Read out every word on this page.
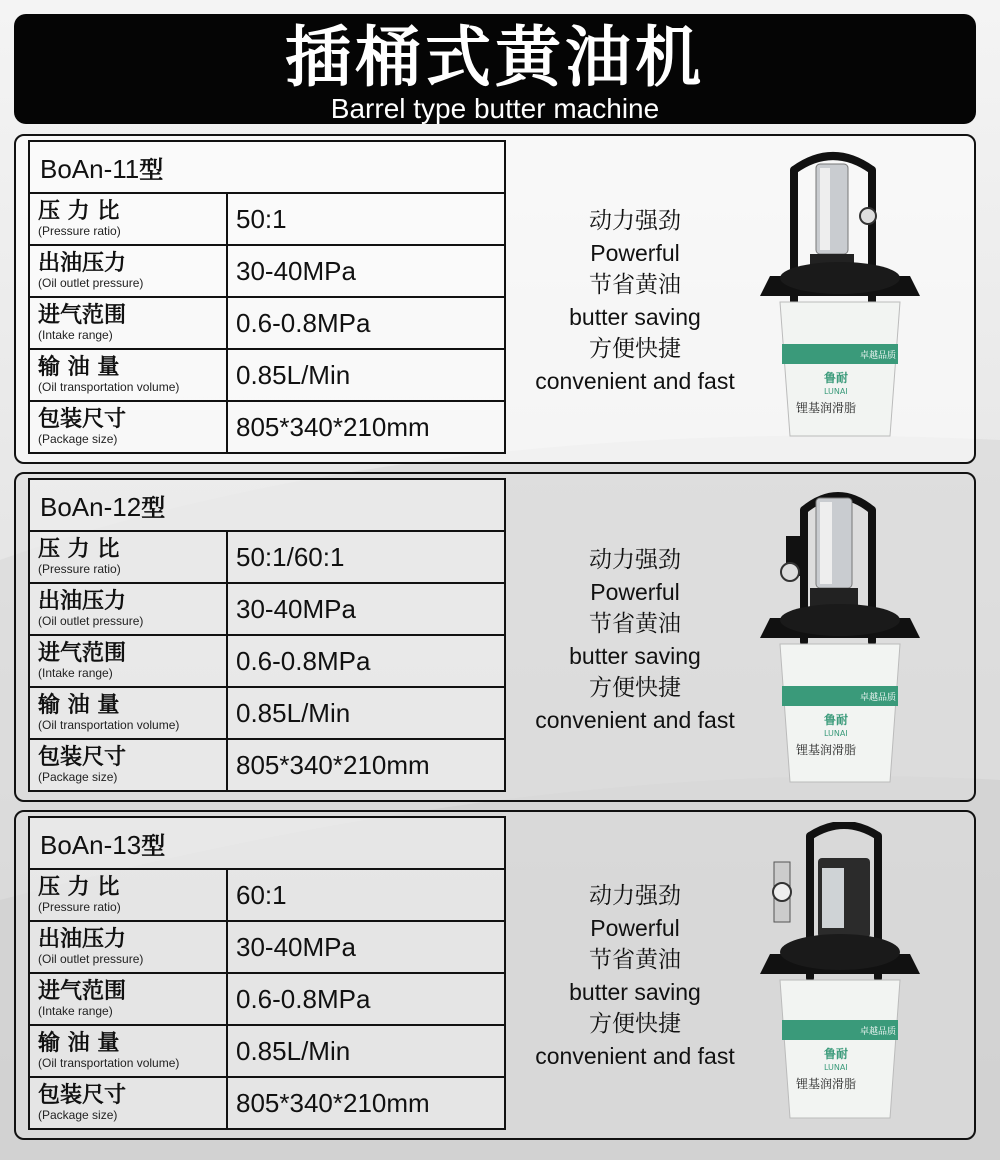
插桶式黄油机
Barrel type butter machine
BoAn-11型	

压 力 比
(Pressure ratio)	50:1

出油压力
(Oil outlet pressure)	30-40MPa

进气范围
(Intake range)	0.6-0.8MPa

输 油 量
(Oil transportation volume)	0.85L/Min

包装尺寸
(Package size)	805*340*210mm
动力强劲
Powerful
节省黄油
butter saving
方便快捷
convenient and fast
卓越品质
鲁耐
LUNAI
锂基润滑脂
BoAn-12型	

压 力 比
(Pressure ratio)	50:1/60:1

出油压力
(Oil outlet pressure)	30-40MPa

进气范围
(Intake range)	0.6-0.8MPa

输 油 量
(Oil transportation volume)	0.85L/Min

包装尺寸
(Package size)	805*340*210mm
动力强劲
Powerful
节省黄油
butter saving
方便快捷
convenient and fast
卓越品质
鲁耐
LUNAI
锂基润滑脂
BoAn-13型	

压 力 比
(Pressure ratio)	60:1

出油压力
(Oil outlet pressure)	30-40MPa

进气范围
(Intake range)	0.6-0.8MPa

输 油 量
(Oil transportation volume)	0.85L/Min

包装尺寸
(Package size)	805*340*210mm
动力强劲
Powerful
节省黄油
butter saving
方便快捷
convenient and fast
卓越品质
鲁耐
LUNAI
锂基润滑脂
